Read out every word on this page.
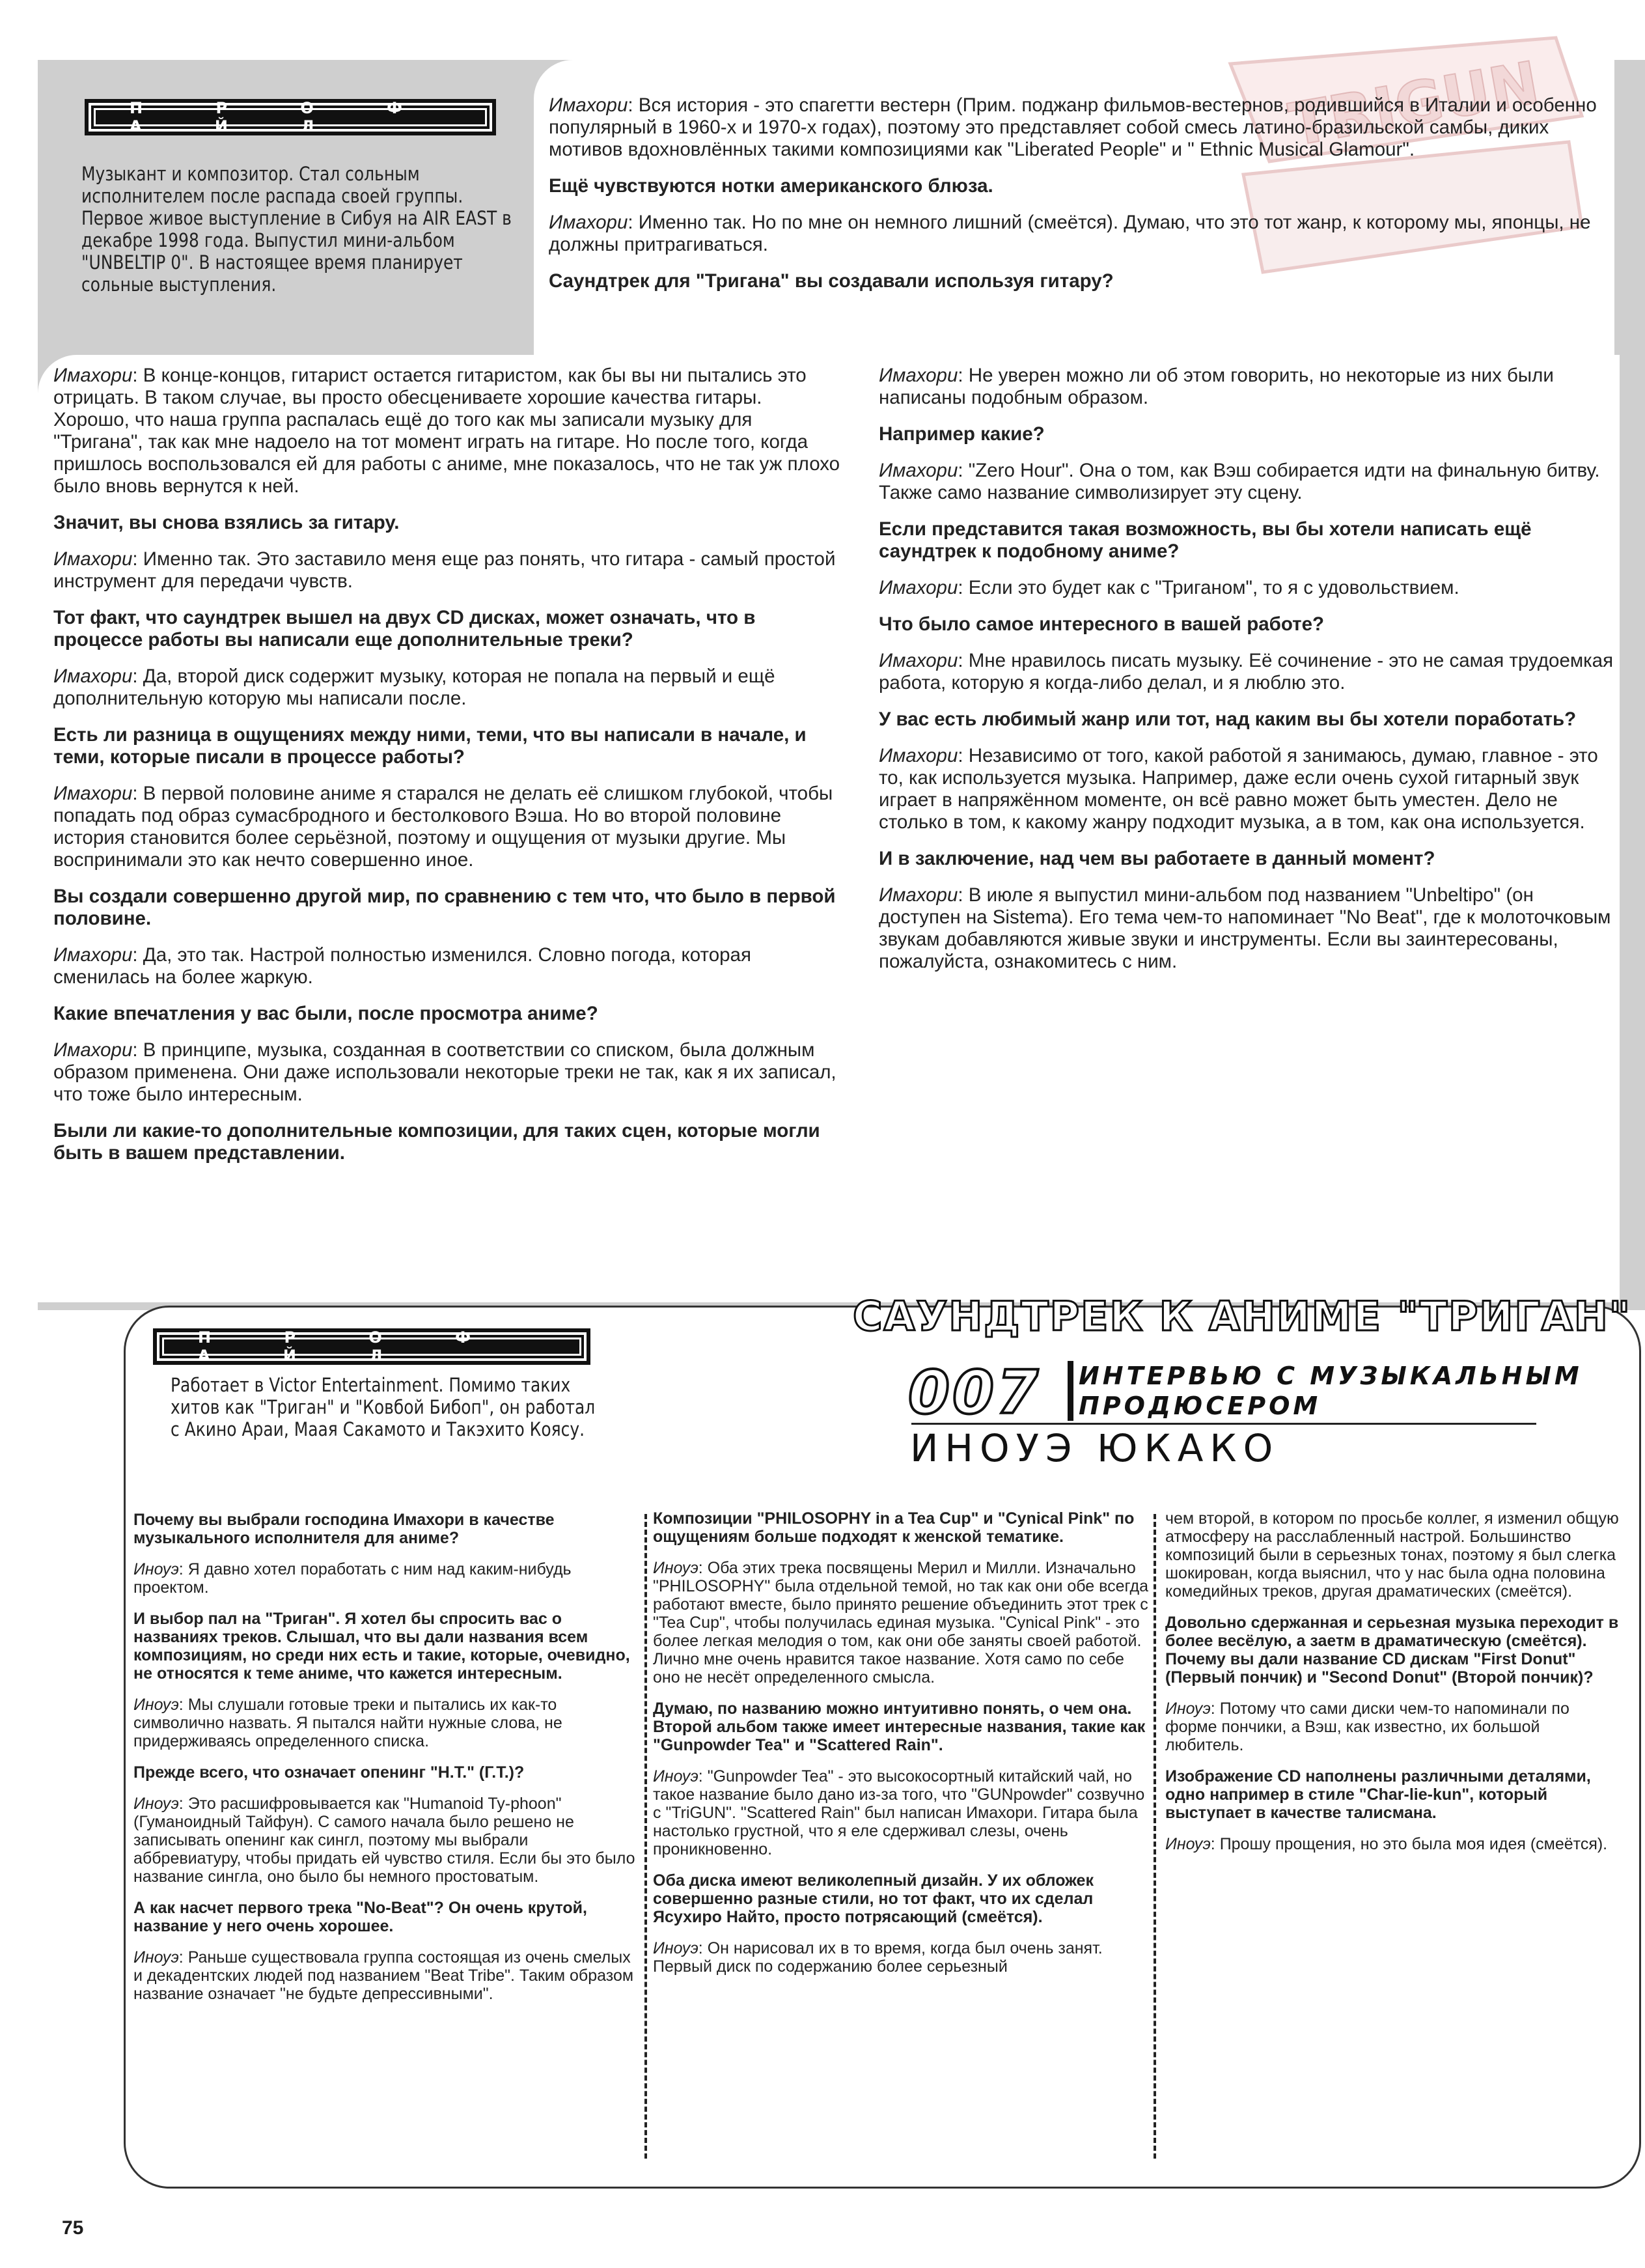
TRIGUN
П Р О Ф А Й Л
Музыкант и композитор. Стал сольным исполнителем после распада своей группы. Первое живое выступление в Сибуя на AIR EAST в декабре 1998 года. Выпустил мини-альбом "UNBELTIP 0". В настоящее время планирует сольные выступления.

Имахори: Вся история - это спагетти вестерн (Прим. поджанр фильмов-вестернов, родившийся в Италии и особенно популярный в 1960-х и 1970-х годах), поэтому это представляет собой смесь латино-бразильской самбы, диких мотивов вдохновлённых такими композициями как "Liberated People" и " Ethnic Musical Glamour".

Ещё чувствуются нотки американского блюза.

Имахори: Именно так. Но по мне он немного лишний (смеётся). Думаю, что это тот жанр, к которому мы, японцы, не должны притрагиваться.

Саундтрек для "Тригана" вы создавали используя гитару?

Имахори: В конце-концов, гитарист остается гитаристом, как бы вы ни пытались это отрицать. В таком случае, вы просто обесцениваете хорошие качества гитары. Хорошо, что наша группа распалась ещё до того как мы записали музыку для "Тригана", так как мне надоело на тот момент играть на гитаре. Но после того, когда пришлось воспользовался ей для работы с аниме, мне показалось, что не так уж плохо было вновь вернутся к ней.

Значит, вы снова взялись за гитару.

Имахори: Именно так. Это заставило меня еще раз понять, что гитара - самый простой инструмент для передачи чувств.

Тот факт, что саундтрек вышел на двух CD дисках, может означать, что в процессе работы вы написали еще дополнительные треки?

Имахори: Да, второй диск содержит музыку, которая не попала на первый и ещё дополнительную которую мы написали после.

Есть ли разница в ощущениях между ними, теми, что вы написали в начале, и теми, которые писали в процессе работы?

Имахори: В первой половине аниме я старался не делать её слишком глубокой, чтобы попадать под образ сумасбродного и бестолкового Вэша. Но во второй половине история становится более серьёзной, поэтому и ощущения от музыки другие. Мы воспринимали это как нечто совершенно иное.

Вы создали совершенно другой мир, по сравнению с тем что, что было в первой половине.

Имахори: Да, это так. Настрой полностью изменился. Словно погода, которая сменилась на более жаркую.

Какие впечатления у вас были, после просмотра аниме?

Имахори: В принципе, музыка, созданная в соответствии со списком, была должным образом применена. Они даже использовали некоторые треки не так, как я их записал, что тоже было интересным.

Были ли какие-то дополнительные композиции, для таких сцен, которые могли быть в вашем представлении.

Имахори: Не уверен можно ли об этом говорить, но некоторые из них были написаны подобным образом.

Например какие?

Имахори: "Zero Hour". Она о том, как Вэш собирается идти на финальную битву. Также само название символизирует эту сцену.

Если представится такая возможность, вы бы хотели написать ещё саундтрек к подобному аниме?

Имахори: Если это будет как с "Триганом", то я с удовольствием.

Что было самое интересного в вашей работе?

Имахори: Мне нравилось писать музыку. Её сочинение - это не самая трудоемкая работа, которую я когда-либо делал, и я люблю это.

У вас есть любимый жанр или тот, над каким вы бы хотели поработать?

Имахори: Независимо от того, какой работой я занимаюсь, думаю, главное - это то, как используется музыка. Например, даже если очень сухой гитарный звук играет в напряжённом моменте, он всё равно может быть уместен. Дело не столько в том, к какому жанру подходит музыка, а в том, как она используется.

И в заключение, над чем вы работаете в данный момент?

Имахори: В июле я выпустил мини-альбом под названием "Unbeltipo" (он доступен на Sistema). Его тема чем-то напоминает "No Beat", где к молоточковым звукам добавляются живые звуки и инструменты. Если вы заинтересованы, пожалуйста, ознакомитесь с ним.

П Р О Ф А Й Л
Работает в Victor Entertainment. Помимо таких хитов как "Триган" и "Ковбой Бибоп", он работал с Акино Араи, Маая Сакамото и Такэхито Коясу.
САУНДТРЕК К АНИМЕ "ТРИГАН"
007 ИНТЕРВЬЮ С МУЗЫКАЛЬНЫМ
ПРОДЮСЕРОМ
ИНОУЭ ЮКАКО

Почему вы выбрали господина Имахори в качестве музыкального исполнителя для аниме?

Иноуэ: Я давно хотел поработать с ним над каким-нибудь проектом.

И выбор пал на "Триган". Я хотел бы спросить вас о названиях треков. Слышал, что вы дали названия всем композициям, но среди них есть и такие, которые, очевидно, не относятся к теме аниме, что кажется интересным.

Иноуэ: Мы слушали готовые треки и пытались их как-то символично назвать. Я пытался найти нужные слова, не придерживаясь определенного списка.

Прежде всего, что означает опенинг "H.T." (Г.Т.)?

Иноуэ: Это расшифровывается как "Humanoid Ty-phoon"(Гуманоидный Тайфун). С самого начала было решено не записывать опенинг как сингл, поэтому мы выбрали аббревиатуру, чтобы придать ей чувство стиля. Если бы это было название сингла, оно было бы немного простоватым.

А как насчет первого трека "No-Beat"? Он очень крутой, название у него очень хорошее.

Иноуэ: Раньше существовала группа состоящая из очень смелых и декадентских людей под названием "Beat Tribe". Таким образом название означает "не будьте депрессивными".

Композиции "PHILOSOPHY in a Tea Cup" и "Cynical Pink" по ощущениям больше подходят к женской тематике.

Иноуэ: Оба этих трека посвящены Мерил и Милли. Изначально "PHILOSOPHY" была отдельной темой, но так как они обе всегда работают вместе, было принято решение объединить этот трек с "Tea Cup", чтобы получилась единая музыка. "Cynical Pink" - это более легкая мелодия о том, как они обе заняты своей работой. Лично мне очень нравится такое название. Хотя само по себе оно не несёт определенного смысла.

Думаю, по названию можно интуитивно понять, о чем она. Второй альбом также имеет интересные названия, такие как "Gunpowder Tea" и "Scattered Rain".

Иноуэ: "Gunpowder Tea" - это высокосортный китайский чай, но такое название было дано из-за того, что "GUNpowder" созвучно с "TriGUN". "Scattered Rain" был написан Имахори. Гитара была настолько грустной, что я еле сдерживал слезы, очень проникновенно.

Оба диска имеют великолепный дизайн. У их обложек совершенно разные стили, но тот факт, что их сделал Ясухиро Найто, просто потрясающий (смеётся).

Иноуэ: Он нарисовал их в то время, когда был очень занят. Первый диск по содержанию более серьезный

чем второй, в котором по просьбе коллег, я изменил общую атмосферу на расслабленный настрой. Большинство композиций были в серьезных тонах, поэтому я был слегка шокирован, когда выяснил, что у нас была одна половина комедийных треков, другая драматических (смеётся).

Довольно сдержанная и серьезная музыка переходит в более весёлую, а заетм в драматическую (смеётся). Почему вы дали название CD дискам "First Donut" (Первый пончик) и "Second Donut" (Второй пончик)?

Иноуэ: Потому что сами диски чем-то напоминали по форме пончики, а Вэш, как известно, их большой любитель.

Изображение CD наполнены различными деталями, одно например в стиле "Char-lie-kun", который выступает в качестве талисмана.

Иноуэ: Прошу прощения, но это была моя идея (смеётся).

75
